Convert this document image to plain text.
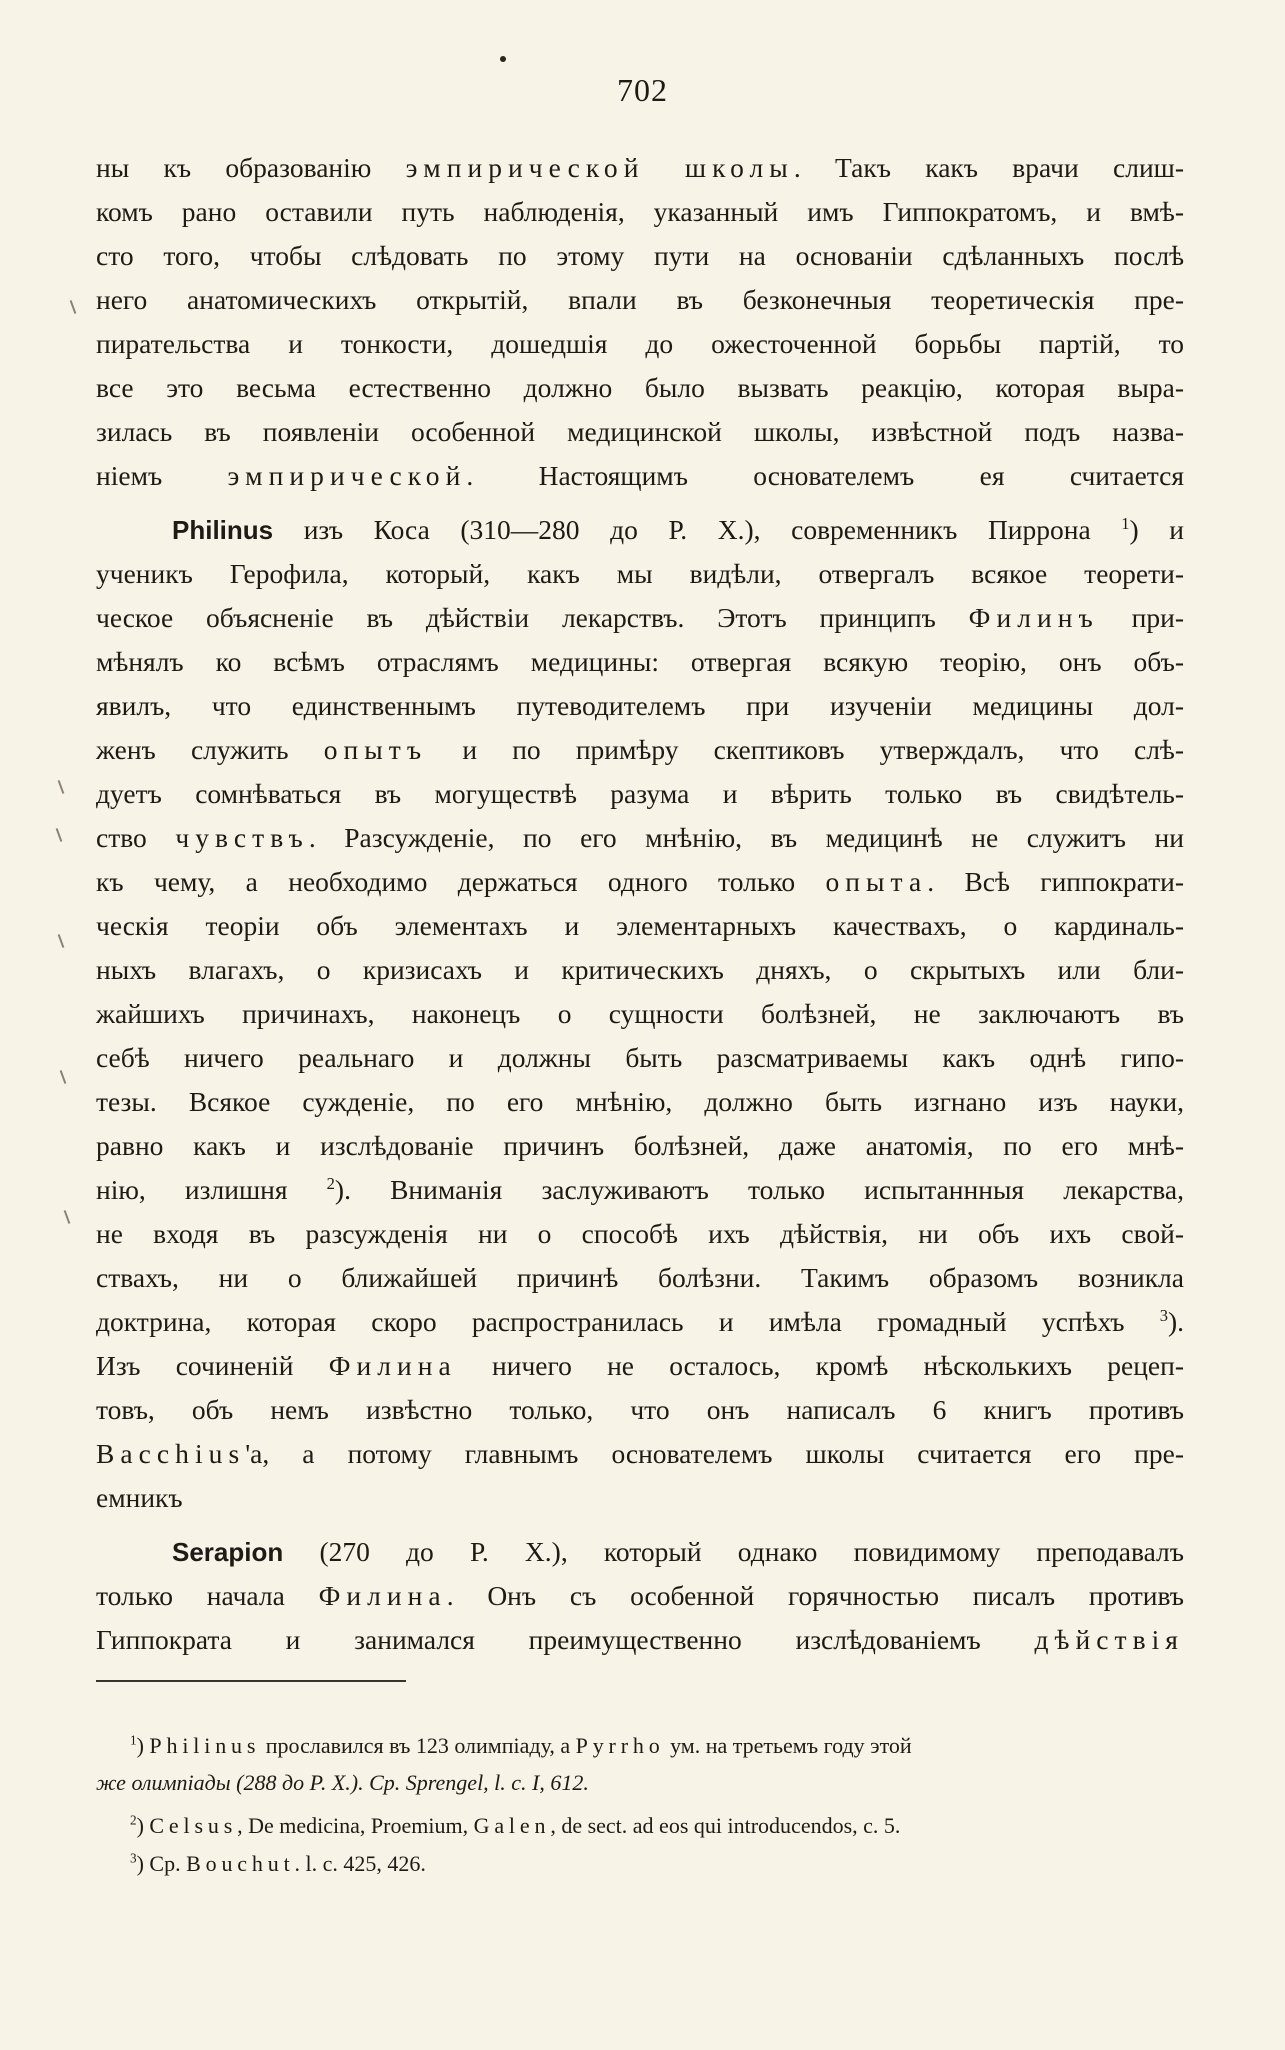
702
ны къ образованію эмпирической школы. Такъ какъ врачи слиш-
комъ рано оставили путь наблюденія, указанный имъ Гиппократомъ, и вмѣ-
сто того, чтобы слѣдовать по этому пути на основаніи сдѣланныхъ послѣ
него анатомическихъ открытій, впали въ безконечныя теоретическія пре-
пирательства и тонкости, дошедшія до ожесточенной борьбы партій, то
все это весьма естественно должно было вызвать реакцію, которая выра-
зилась въ появленіи особенной медицинской школы, извѣстной подъ назва-
ніемъ эмпирической. Настоящимъ основателемъ ея считается
Philinus изъ Коса (310—280 до Р. Х.), современникъ Пиррона $^1$) и
ученикъ Герофила, который, какъ мы видѣли, отвергалъ всякое теорети-
ческое объясненіе въ дѣйствіи лекарствъ. Этотъ принципъ Филинъ при-
мѣнялъ ко всѣмъ отраслямъ медицины: отвергая всякую теорію, онъ объ-
явилъ, что единственнымъ путеводителемъ при изученіи медицины дол-
женъ служить опытъ и по примѣру скептиковъ утверждалъ, что слѣ-
дуетъ сомнѣваться въ могуществѣ разума и вѣрить только въ свидѣтель-
ство чувствъ. Разсужденіе, по его мнѣнію, въ медицинѣ не служитъ ни
къ чему, а необходимо держаться одного только опыта. Всѣ гиппократи-
ческія теоріи объ элементахъ и элементарныхъ качествахъ, о кардиналь-
ныхъ влагахъ, о кризисахъ и критическихъ дняхъ, о скрытыхъ или бли-
жайшихъ причинахъ, наконецъ о сущности болѣзней, не заключаютъ въ
себѣ ничего реальнаго и должны быть разсматриваемы какъ однѣ гипо-
тезы. Всякое сужденіе, по его мнѣнію, должно быть изгнано изъ науки,
равно какъ и изслѣдованіе причинъ болѣзней, даже анатомія, по его мнѣ-
нію, излишня $^2$). Вниманія заслуживаютъ только испытаннныя лекарства,
не входя въ разсужденія ни о способѣ ихъ дѣйствія, ни объ ихъ свой-
ствахъ, ни о ближайшей причинѣ болѣзни. Такимъ образомъ возникла
доктрина, которая скоро распространилась и имѣла громадный успѣхъ $^3$).
Изъ сочиненій Филина ничего не осталось, кромѣ нѣсколькихъ рецеп-
товъ, объ немъ извѣстно только, что онъ написалъ 6 книгъ противъ
Bacchius'а, а потому главнымъ основателемъ школы считается его пре-
емникъ
Serapion (270 до Р. Х.), который однако повидимому преподавалъ
только начала Филина. Онъ съ особенной горячностью писалъ противъ
Гиппократа и занимался преимущественно изслѣдованіемъ дѣйствія
$^1$) Philinus прославился въ 123 олимпіаду, а Pyrrho ум. на третьемъ году этой
же олимпіады (288 до Р. Х.). Ср. Sprengel, l. c. I, 612.
$^2$) Celsus, De medicina, Proemium, Galen, de sect. ad eos qui introducendos, c. 5.
$^3$) Ср. Bouchut. l. c. 425, 426.
